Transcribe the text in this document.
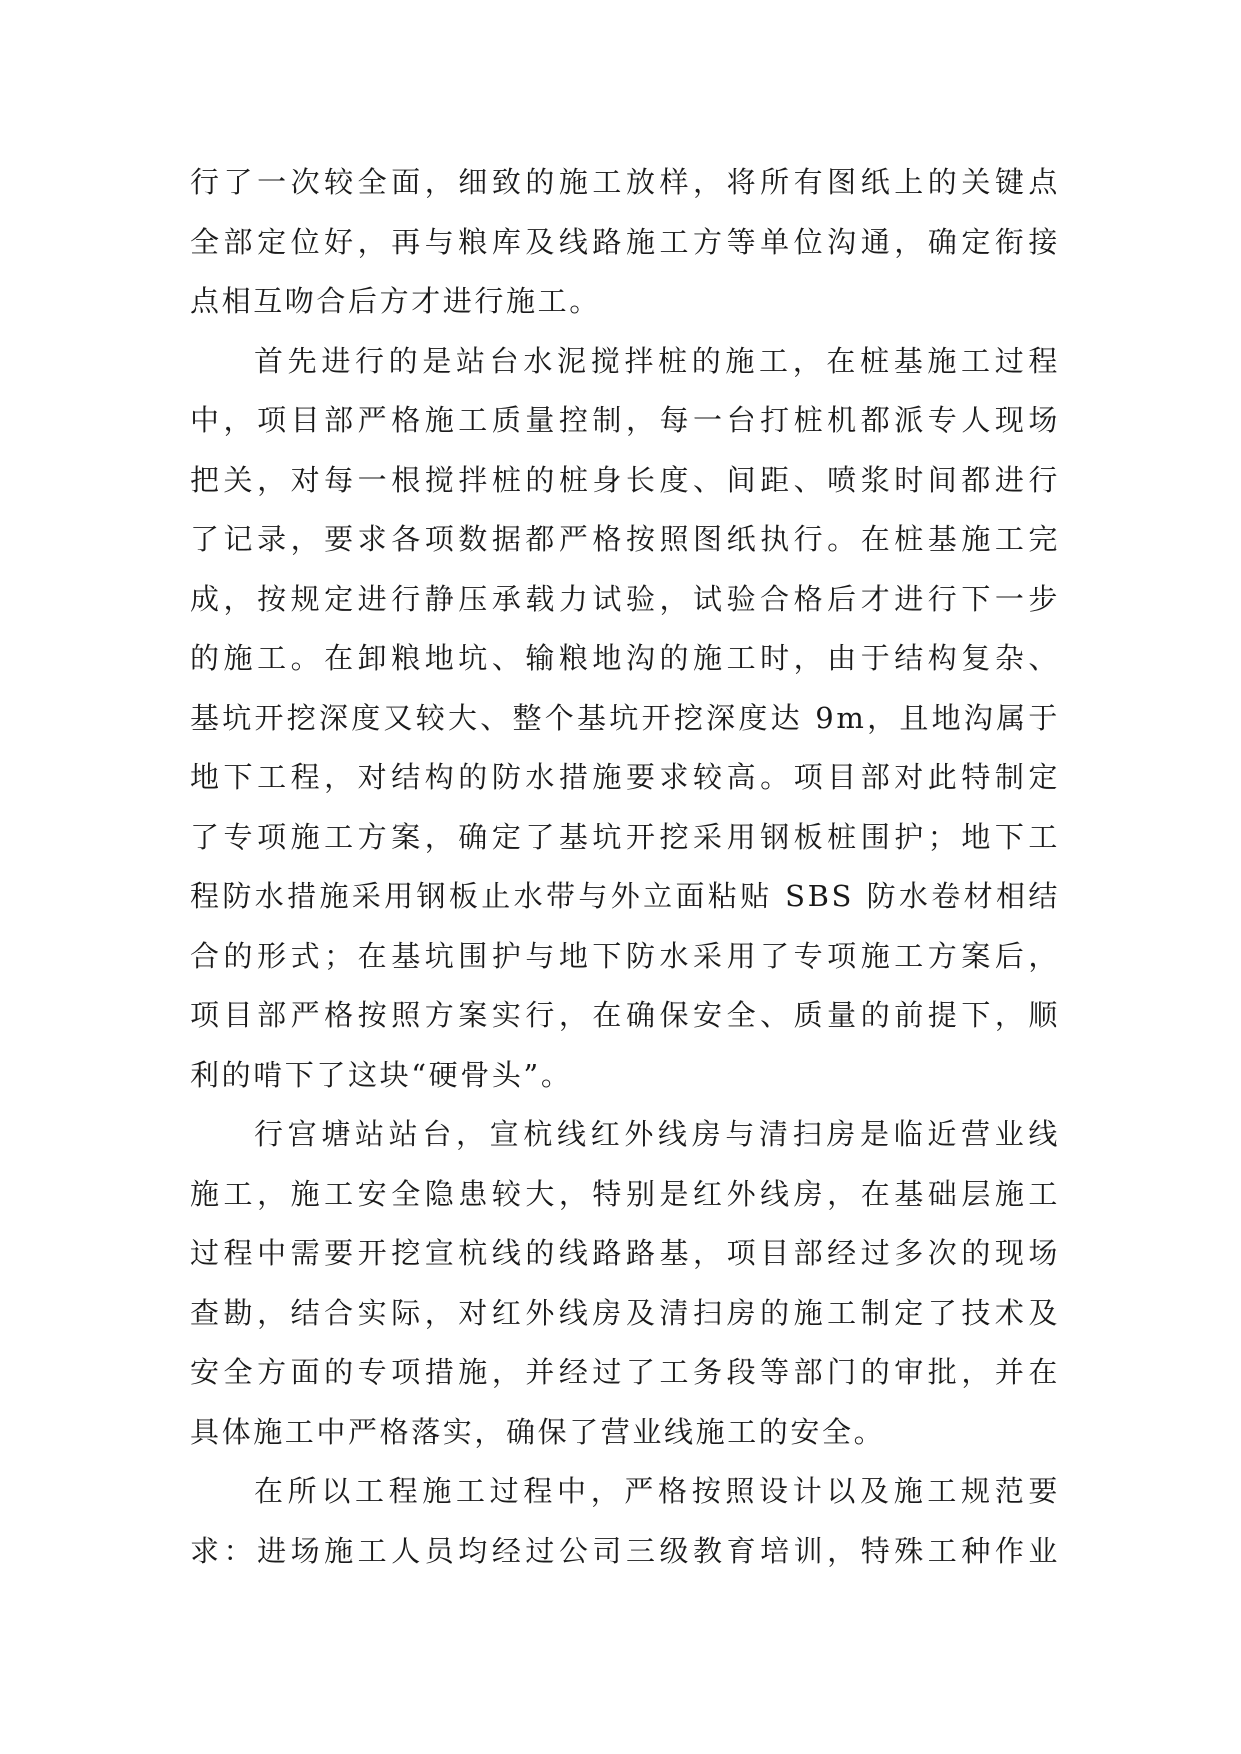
行了一次较全面，细致的施工放样，将所有图纸上的关键点
全部定位好，再与粮库及线路施工方等单位沟通，确定衔接
点相互吻合后方才进行施工。
首先进行的是站台水泥搅拌桩的施工，在桩基施工过程
中，项目部严格施工质量控制，每一台打桩机都派专人现场
把关，对每一根搅拌桩的桩身长度、间距、喷浆时间都进行
了记录，要求各项数据都严格按照图纸执行。在桩基施工完
成，按规定进行静压承载力试验，试验合格后才进行下一步
的施工。在卸粮地坑、输粮地沟的施工时，由于结构复杂、
基坑开挖深度又较大、整个基坑开挖深度达 9m，且地沟属于
地下工程，对结构的防水措施要求较高。项目部对此特制定
了专项施工方案，确定了基坑开挖采用钢板桩围护；地下工
程防水措施采用钢板止水带与外立面粘贴 SBS 防水卷材相结
合的形式；在基坑围护与地下防水采用了专项施工方案后，
项目部严格按照方案实行，在确保安全、质量的前提下，顺
利的啃下了这块“硬骨头”。
行宫塘站站台，宣杭线红外线房与清扫房是临近营业线
施工，施工安全隐患较大，特别是红外线房，在基础层施工
过程中需要开挖宣杭线的线路路基，项目部经过多次的现场
查勘，结合实际，对红外线房及清扫房的施工制定了技术及
安全方面的专项措施，并经过了工务段等部门的审批，并在
具体施工中严格落实，确保了营业线施工的安全。
在所以工程施工过程中，严格按照设计以及施工规范要
求：进场施工人员均经过公司三级教育培训，特殊工种作业
